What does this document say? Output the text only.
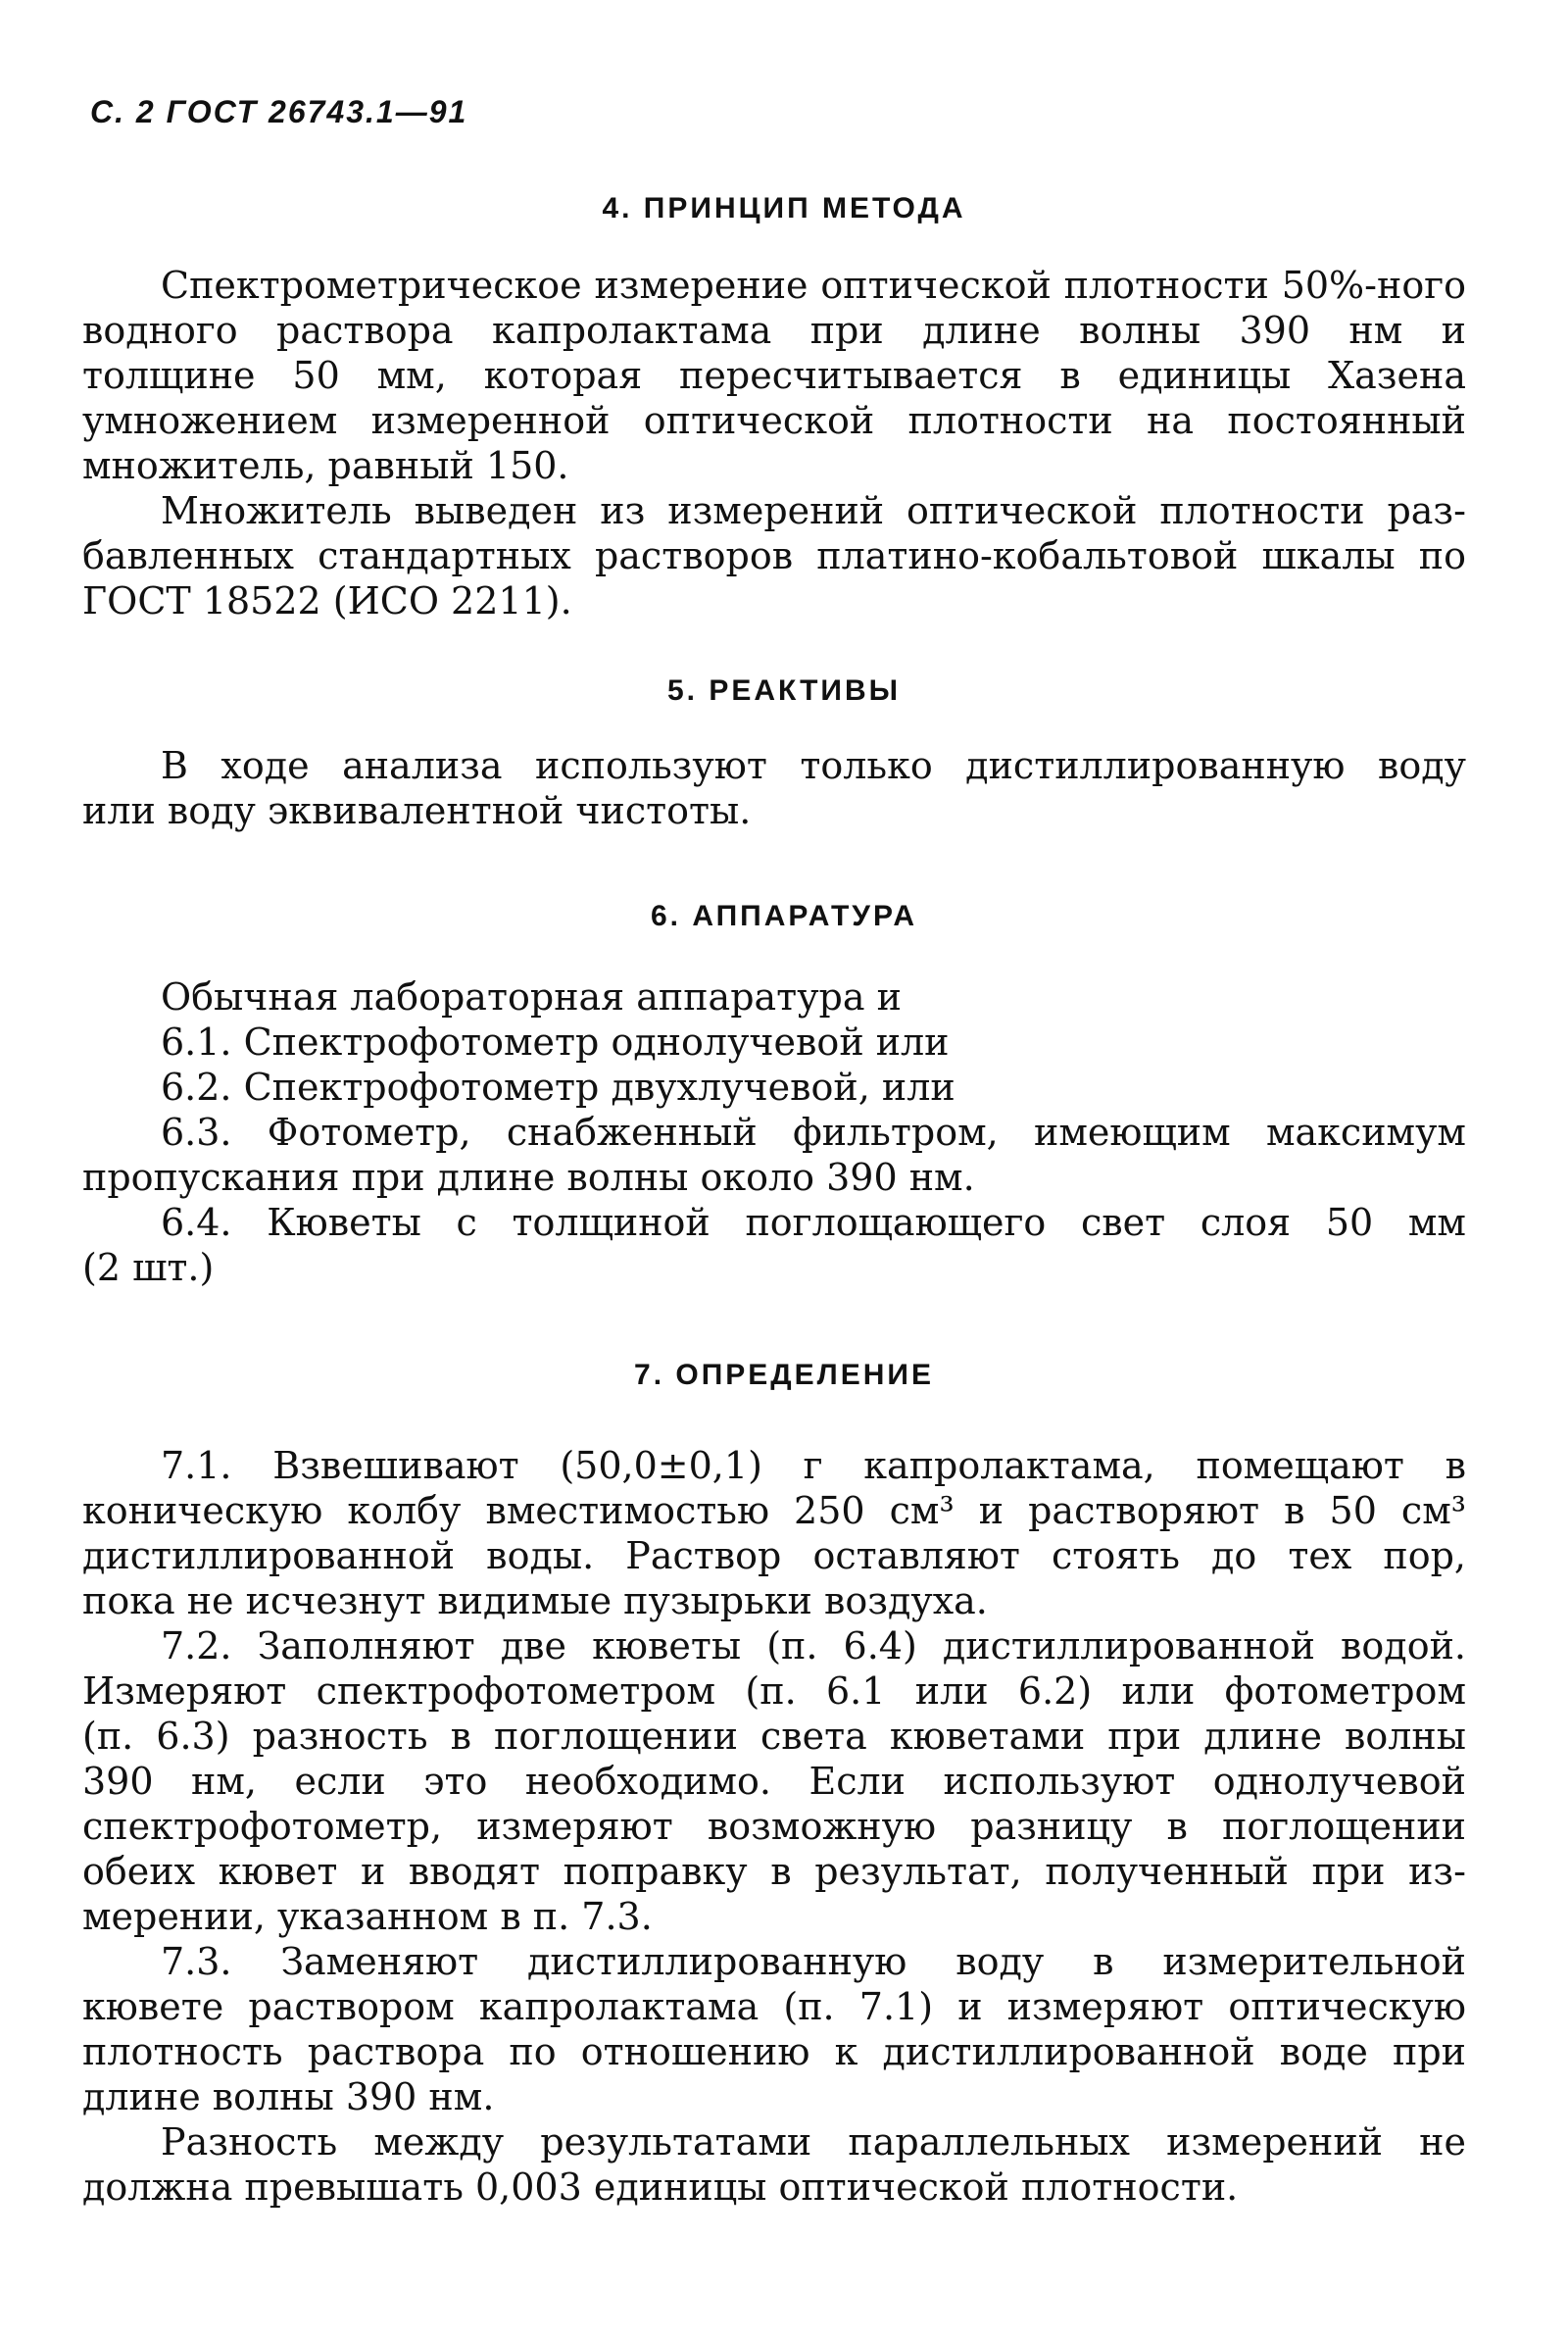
С. 2 ГОСТ 26743.1—91
4. ПРИНЦИП МЕТОДА
Спектрометрическое измерение оптической плотности 50%-ного
водного раствора капролактама при длине волны 390 нм и
толщине 50 мм, которая пересчитывается в единицы Хазена
умножением измеренной оптической плотности на постоянный
множитель, равный 150.
Множитель выведен из измерений оптической плотности раз-
бавленных стандартных растворов платино-кобальтовой шкалы по
ГОСТ 18522 (ИСО 2211).
5. РЕАКТИВЫ
В ходе анализа используют только дистиллированную воду
или воду эквивалентной чистоты.
6. АППАРАТУРА
Обычная лабораторная аппаратура и
6.1. Спектрофотометр однолучевой или
6.2. Спектрофотометр двухлучевой, или
6.3. Фотометр, снабженный фильтром, имеющим максимум
пропускания при длине волны около 390 нм.
6.4. Кюветы с толщиной поглощающего свет слоя 50 мм
(2 шт.)
7. ОПРЕДЕЛЕНИЕ
7.1. Взвешивают (50,0±0,1) г капролактама, помещают в
коническую колбу вместимостью 250 см³ и растворяют в 50 см³
дистиллированной воды. Раствор оставляют стоять до тех пор,
пока не исчезнут видимые пузырьки воздуха.
7.2. Заполняют две кюветы (п. 6.4) дистиллированной водой.
Измеряют спектрофотометром (п. 6.1 или 6.2) или фотометром
(п. 6.3) разность в поглощении света кюветами при длине волны
390 нм, если это необходимо. Если используют однолучевой
спектрофотометр, измеряют возможную разницу в поглощении
обеих кювет и вводят поправку в результат, полученный при из-
мерении, указанном в п. 7.3.
7.3. Заменяют дистиллированную воду в измерительной
кювете раствором капролактама (п. 7.1) и измеряют оптическую
плотность раствора по отношению к дистиллированной воде при
длине волны 390 нм.
Разность между результатами параллельных измерений не
должна превышать 0,003 единицы оптической плотности.
